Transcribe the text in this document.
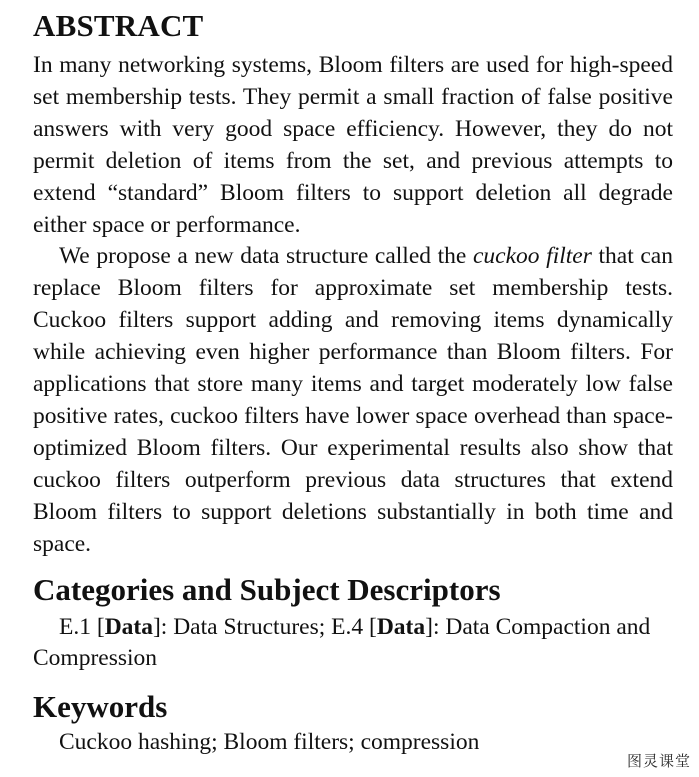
ABSTRACT

In many networking systems, Bloom filters are used for high-speed set membership tests. They permit a small fraction of false positive answers with very good space efficiency. However, they do not permit deletion of items from the set, and previous attempts to extend “standard” Bloom filters to support deletion all degrade either space or performance.

We propose a new data structure called the cuckoo filter that can replace Bloom filters for approximate set membership tests. Cuckoo filters support adding and removing items dynamically while achieving even higher performance than Bloom filters. For applications that store many items and target moderately low false positive rates, cuckoo filters have lower space overhead than space-optimized Bloom filters. Our experimental results also show that cuckoo filters outperform previous data structures that extend Bloom filters to support deletions substantially in both time and space.

Categories and Subject Descriptors

E.1 [Data]: Data Structures; E.4 [Data]: Data Compaction and Compression

Keywords

Cuckoo hashing; Bloom filters; compression

图灵课堂
